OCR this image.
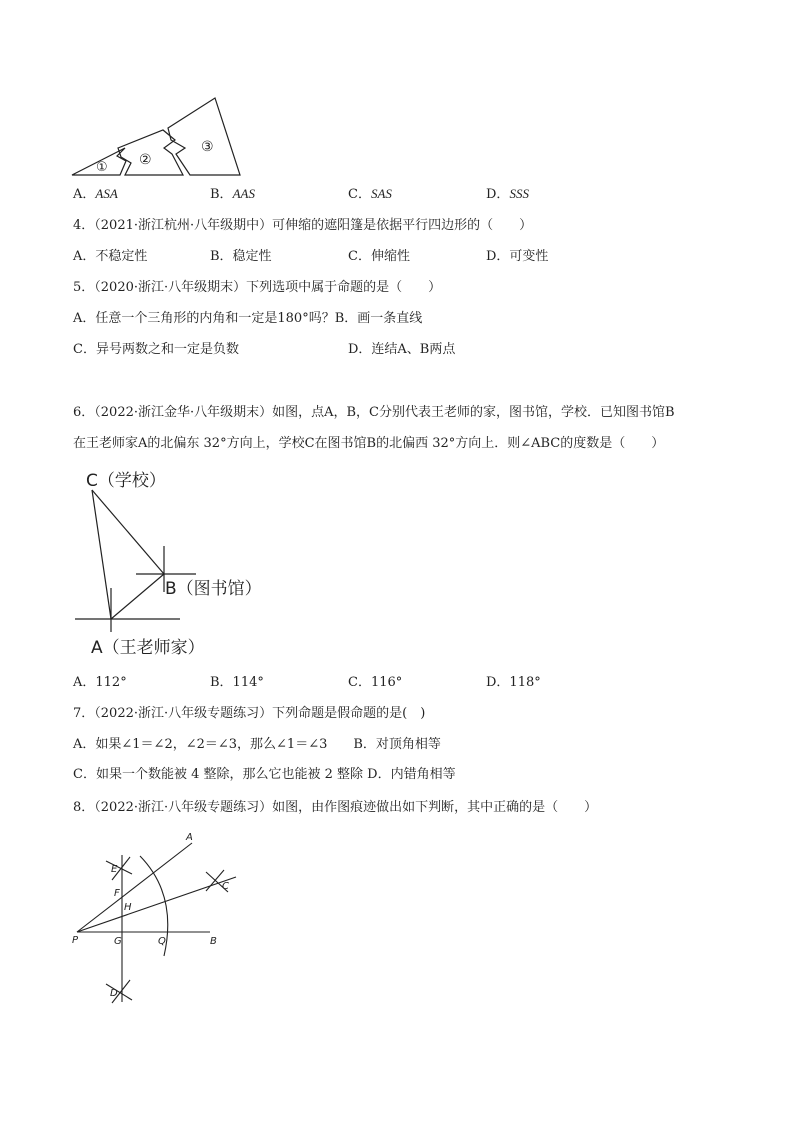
① ②
③
A．ASA	B．AAS	C．SAS	D．SSS
4．（2021·浙江杭州·八年级期中）可伸缩的遮阳篷是依据平行四边形的（　　）
A．不稳定性	B．稳定性	C．伸缩性	D．可变性
5．（2020·浙江·八年级期末）下列选项中属于命题的是（　　）
A．任意一个三角形的内角和一定是180°吗？B．画一条直线
C．异号两数之和一定是负数	D．连结A、B两点
6．（2022·浙江金华·八年级期末）如图，点A，B，C分别代表王老师的家，图书馆，学校．已知图书馆B
在王老师家A的北偏东 32°方向上，学校C在图书馆B的北偏西 32°方向上．则∠ABC的度数是（　　）
C（学校）
B（图书馆）
A（王老师家）
A．112°	B．114°	C．116°	D．118°
7．（2022·浙江·八年级专题练习）下列命题是假命题的是(　)
A．如果∠1＝∠2，∠2＝∠3，那么∠1＝∠3　　B．对顶角相等
C．如果一个数能被 4 整除，那么它也能被 2 整除 D．内错角相等
8．（2022·浙江·八年级专题练习）如图，由作图痕迹做出如下判断，其中正确的是（　　）
A
E
C
F
H
P	G	Q	B
D
